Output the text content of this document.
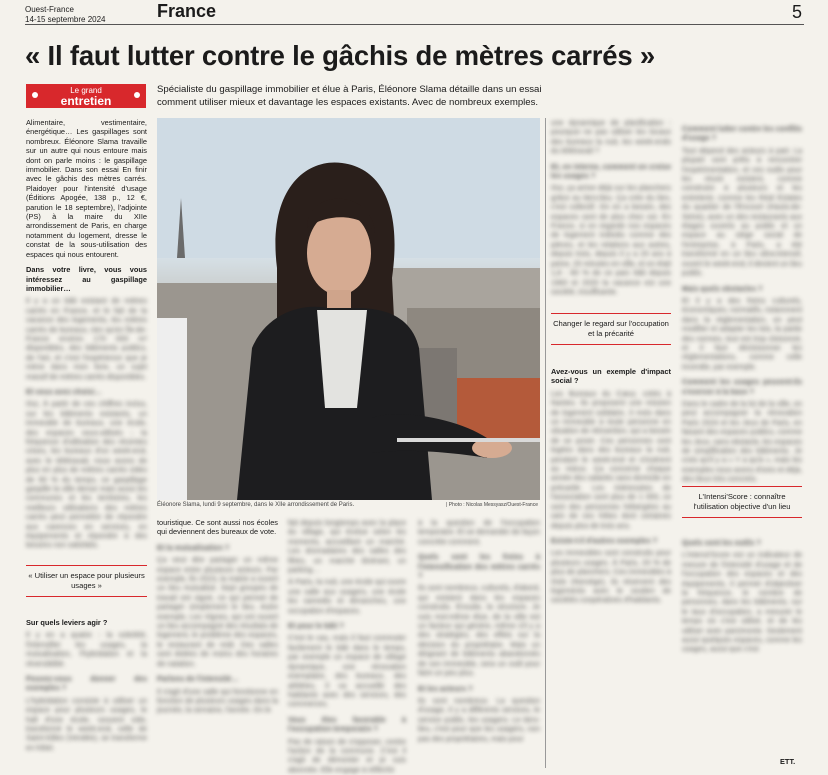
Ouest-France
14-15 septembre 2024	France	5
« Il faut lutter contre le gâchis de mètres carrés »
Le grand
entretien
Spécialiste du gaspillage immobilier et élue à Paris, Éléonore Slama détaille dans un essai comment utiliser mieux et davantage les espaces existants. Avec de nombreux exemples.

Alimentaire, vestimentaire, énergétique… Les gaspillages sont nombreux. Éléonore Slama travaille sur un autre qui nous entoure mais dont on parle moins : le gaspillage immobilier. Dans son essai En finir avec le gâchis des mètres carrés. Plaidoyer pour l'intensité d'usage (Éditions Apogée, 138 p., 12 €, parution le 18 septembre), l'adjointe (PS) à la maire du XIIe arrondissement de Paris, en charge notamment du logement, dresse le constat de la sous-utilisation des espaces qui nous entourent.

Dans votre livre, vous vous intéressez au gaspillage immobilier…

Il y a un bâti existant de mètres carrés en France, et le fait de la vacance des logements, les mètres carrés de bureaux, rien qu'en Île-de-France environ 170 000 m² disponibles, des bâtiments publics, de l'art, et c'est l'expérience que je mène dans mon livre, un sujet massif de mètres carrés disponibles.

Et vous avez choisi…

Oui, À partir de ces chiffres inclus, sur les bâtiments existants, un immeuble de bureaux, une école, des espaces sous-utilisés ; la fréquence d'utilisation des récentes crises, les bureaux d'un week-end, avec le télétravail, nous avons de plus en plus de mètres carrés vides de 90 % du temps, ce gaspillage gaspille la ville dense mais aussi les communes et les territoires, les meilleurs utilisations des mètres carrés peut permettre de répondre aux carences en services, en équipements et répondre à des besoins non satisfaits.

« Utiliser un espace pour plusieurs usages »

Sur quels leviers agir ?

Il y en a quatre : la sobriété, l'intensifier les usages, la mutualisation, l'hybridation et la réversibilité.

Pouvez-vous donner des exemples ?

L'hybridation consiste à utiliser un espace pour plusieurs usages, le hall d'une école, souvent vide, transformé le week-end, celle de Saint-Gilles (Vendée), se transforme en hôtel.

Éléonore Slama, lundi 9 septembre, dans le XIIe arrondissement de Paris.	| Photo : Nicolas Messyasz/Ouest-France

touristique. Ce sont aussi nos écoles qui deviennent des bureaux de vote.

Et la mutualisation ?

Ça veut dire partager un même espace entre plusieurs acteurs. Par exemple, fin 2023, la mairie a ouvert un lieu mutualisé. Sept groupes de travail ont signé, ce qui permet de partager simplement le lieu. Autre exemple, Les Vignes, qui ont ouvert un lieu accompagné des résultats de logement, le problème des espaces, le restaurant de midi. Des salles sont dotées de moins des horaires de natation.

Parlons de l'intensité…

Il s'agit d'une salle qui fonctionne en fonction de plusieurs usages dans la journée, la semaine, l'année. On le

fait depuis longtemps avec la place du village, qui évolue selon les moments, accueillant un marché. Les dromadaires des salles des fêtes, un marché itinérant, un parking…

À Paris, la nuit, une école qui ouvre une salle aux usagers, une école les samedis et dimanches, une occupation d'espaces.

Et pour le bâti ?

C'est le cas, mais il faut commuter facilement le bâti dans le temps, par exemple un espace de village dynamique, une rénovation exemplaire, des bureaux, des athlètes, il va accueillir des habitants avec des services, des commerces.

Vous êtes favorable à l'occupation temporaire ?

Pas de raison de s'opposer, contre l'action de la commune. C'est il s'agit de démonter et je suis abonnée. Elle engage à réfléchir

à la question de l'occupation temporaire. Et se demander de façon concrète comment.

Quels sont les freins à l'intensification des mètres carrés ?

Ils sont nombreux, culturels, d'abord, qui existent dans les espaces construits. Ensuite, la structure. Je suis moi-même élue, de la ville est un facteur qui génère, même s'il y a des stratégies, des effets sur la décision du propriétaire. Mais un dirigeant de bâtiments abandonnés de son immeuble, sera un outil pour faire un peu plus.

Et les acteurs ?

Ils sont nombreux. La question d'usage, il y a différents services, le service public, les usagers. Le tiers-lieu, c'est pour que les usagers, non pas des propriétaires, mais pour

une dynamique de planification : pourquoi ne pas utiliser les locaux des bureaux la nuit, les week-ends du télétravail ?

Et, en interne, comment on croise les usages ?

Oui, ça arrive déjà sur les planchers grâce au tiers-lieu. Ça crée du lien, c'est collectif. On en a besoin, des espaces sont de plus chez soi. En France, si on regarde nos espaces de logement individu comme des pièces, et les relations aux autres, depuis trois, depuis il y a 20 ans à peine, 20 minutes en ville, et on était 1,8 : 80 % de ce parc bâti depuis 1960 et 2020 la vacance est une société, insuffisante.

Changer le regard sur l'occupation et la précarité

Avez-vous un exemple d'impact social ?

Les Bureaux du Cœur, créés à Nantes. Ils proposent une mission de logement solidaire, 3 mois dans un immeuble à toute personne en situation de réinsertion, qui a besoin de se poser. Ces personnes sont logées dans des bureaux la nuit, pendant le week-end et s'insèrent au mieux. Ça concerne chaque année des salariés sans domicile en précarité. Les intéressées de l'association sont plus de 1 000, ce sont des personnes hébergées au sein de ces hôtes dont certaines depuis plus de trois ans.

Existe-t-il d'autres exemples ?

Les immeubles sont construits pour plusieurs usages. À Paris, 20 % de plus de planchers. Ces immeubles à Oslo (Norvège), ils réservent des logements avec le soutien de sociétés coopératives d'habitants.

Comment lutter contre les conflits d'usage ?

Tout dépend des acteurs à part. La plupart sont prêts à rencontrer l'expérimentation, et ces outils pour les réunir existent, comme construire à plusieurs et les entretenir, comme les Réal Estates du quartier de l'Encourt (Hauts-de-Seine), avec un des restaurants aux étages ouverts au public et un espace au siège social de l'entreprise, à Paris, a été transformé en un lieu ultra-intensif, ouvert le week-end, il devient un lieu public.

Mais quels obstacles ?

Et il y a des freins culturels, économiques, normatifs, notamment dans la réglementation, on peut modifier et adapter les lois, la partie des normes, tout est trop cloisonné, et il faut décloisonner les réglementations, comme celle incendie, par exemple.

Comment les usages peuvent-ils s'exercer à la base ?

Dans le cadre de la loi de la ville, on peut accompagner la rénovation Paris 2024 et les Jeux de Paris, en faisant des espaces publics, comme les Jeux, sans obstacle, les espaces de simplification des bâtiments. Je crois qu'il y a « Y a qu'à », mais les exemples nous avons d'ores et déjà, des lieux très concrets.

L'Intensi'Score : connaître l'utilisation objective d'un lieu

Quels sont les outils ?

L'Intensi'Score est un indicateur de mesure de l'intensité d'usage et de l'occupation des espaces et des équipements, il permet d'objectiver la fréquence, le nombre de personnes, dans les bâtiments, sur le taux d'occupation, a mesurer le temps où c'est utilisé, et de les utiliser avec parcimonie. Seulement aussi quelques espaces, comme les usages, aussi que c'est

ETT.
